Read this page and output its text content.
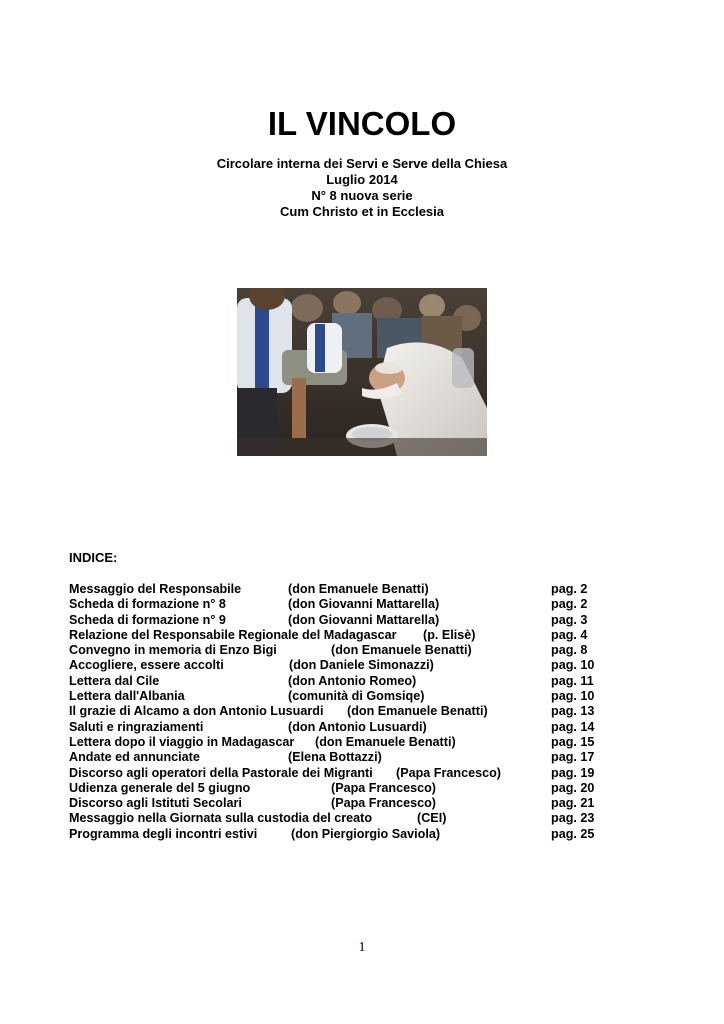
IL VINCOLO
Circolare interna dei Servi e Serve della Chiesa
Luglio 2014
N° 8 nuova serie
Cum Christo et in Ecclesia
INDICE:
Messaggio del Responsabile	(don Emanuele Benatti)	pag. 2
Scheda di formazione n° 8	(don Giovanni Mattarella)	pag. 2
Scheda di formazione n° 9	(don Giovanni Mattarella)	pag. 3
Relazione del Responsabile Regionale del Madagascar (p. Elisè)	pag. 4
Convegno in memoria di Enzo Bigi	(don Emanuele Benatti)	pag. 8
Accogliere, essere accolti	(don Daniele Simonazzi)	pag. 10
Lettera dal Cile	(don Antonio Romeo)	pag. 11
Lettera dall'Albania	(comunità di Gomsiqe)	pag. 10
Il grazie di Alcamo a don Antonio Lusuardi (don Emanuele Benatti)	pag. 13
Saluti e ringraziamenti	(don Antonio Lusuardi)	pag. 14
Lettera dopo il viaggio in Madagascar (don Emanuele Benatti)	pag. 15
Andate ed annunciate	(Elena Bottazzi)	pag. 17
Discorso agli operatori della Pastorale dei Migranti (Papa Francesco)	pag. 19
Udienza generale del 5 giugno	(Papa Francesco)	pag. 20
Discorso agli Istituti Secolari	(Papa Francesco)	pag. 21
Messaggio nella Giornata sulla custodia del creato	(CEI)	pag. 23
Programma degli incontri estivi	(don Piergiorgio Saviola)	pag. 25
1
